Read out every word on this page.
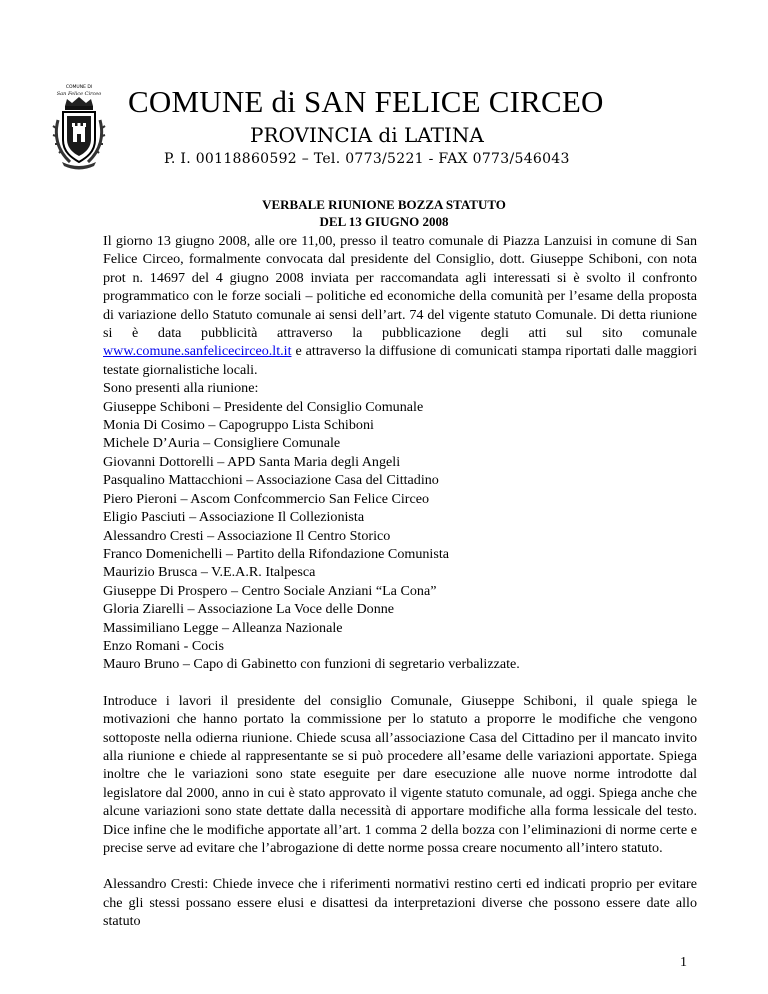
COMUNE DI
San Felice Circeo COMUNE di SAN FELICE CIRCEO
PROVINCIA di LATINA
P. I. 00118860592 – Tel. 0773/5221 - FAX 0773/546043
VERBALE RIUNIONE BOZZA STATUTO
DEL 13 GIUGNO 2008

Il giorno 13 giugno 2008, alle ore 11,00, presso il teatro comunale di Piazza Lanzuisi in comune di San Felice Circeo, formalmente convocata dal presidente del Consiglio, dott. Giuseppe Schiboni, con nota prot n. 14697 del 4 giugno 2008 inviata per raccomandata agli interessati si è svolto il confronto programmatico con le forze sociali – politiche ed economiche della comunità per l’esame della proposta di variazione dello Statuto comunale ai sensi dell’art. 74 del vigente statuto Comunale. Di detta riunione si è data pubblicità attraverso la pubblicazione degli atti sul sito comunale www.comune.sanfelicecirceo.lt.it e attraverso la diffusione di comunicati stampa riportati dalle maggiori testate giornalistiche locali.

Sono presenti alla riunione:
Giuseppe Schiboni – Presidente del Consiglio Comunale
Monia Di Cosimo – Capogruppo Lista Schiboni
Michele D’Auria – Consigliere Comunale
Giovanni Dottorelli – APD Santa Maria degli Angeli
Pasqualino Mattacchioni – Associazione Casa del Cittadino
Piero Pieroni – Ascom Confcommercio San Felice Circeo
Eligio Pasciuti – Associazione Il Collezionista
Alessandro Cresti – Associazione Il Centro Storico
Franco Domenichelli – Partito della Rifondazione Comunista
Maurizio Brusca – V.E.A.R. Italpesca
Giuseppe Di Prospero – Centro Sociale Anziani “La Cona”
Gloria Ziarelli – Associazione La Voce delle Donne
Massimiliano Legge – Alleanza Nazionale
Enzo Romani - Cocis
Mauro Bruno – Capo di Gabinetto con funzioni di segretario verbalizzate.

Introduce i lavori il presidente del consiglio Comunale, Giuseppe Schiboni, il quale spiega le motivazioni che hanno portato la commissione per lo statuto a proporre le modifiche che vengono sottoposte nella odierna riunione. Chiede scusa all’associazione Casa del Cittadino per il mancato invito alla riunione e chiede al rappresentante se si può procedere all’esame delle variazioni apportate. Spiega inoltre che le variazioni sono state eseguite per dare esecuzione alle nuove norme introdotte dal legislatore dal 2000, anno in cui è stato approvato il vigente statuto comunale, ad oggi. Spiega anche che alcune variazioni sono state dettate dalla necessità di apportare modifiche alla forma lessicale del testo. Dice infine che le modifiche apportate all’art. 1 comma 2 della bozza con l’eliminazioni di norme certe e precise serve ad evitare che l’abrogazione di dette norme possa creare nocumento all’intero statuto.

Alessandro Cresti: Chiede invece che i riferimenti normativi restino certi ed indicati proprio per evitare che gli stessi possano essere elusi e disattesi da interpretazioni diverse che possono essere date allo statuto

1
